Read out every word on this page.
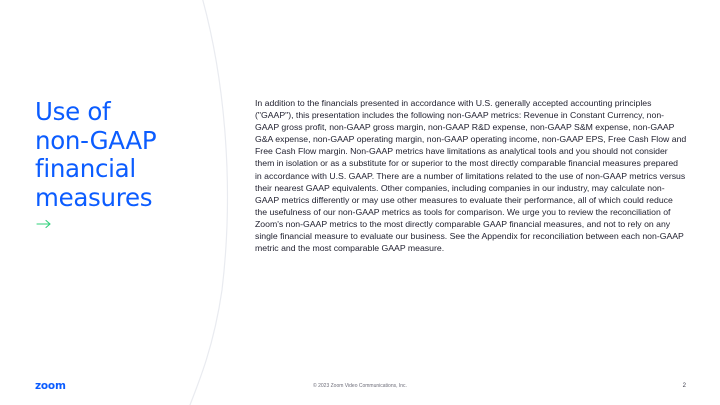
Use of
non-GAAP
financial
measures

In addition to the financials presented in accordance with U.S. generally accepted accounting principles ("GAAP"), this presentation includes the following non-GAAP metrics: Revenue in Constant Currency, non-GAAP gross profit, non-GAAP gross margin, non-GAAP R&D expense, non-GAAP S&M expense, non-GAAP G&A expense, non-GAAP operating margin, non-GAAP operating income, non-GAAP EPS, Free Cash Flow and Free Cash Flow margin. Non-GAAP metrics have limitations as analytical tools and you should not consider them in isolation or as a substitute for or superior to the most directly comparable financial measures prepared in accordance with U.S. GAAP. There are a number of limitations related to the use of non-GAAP metrics versus their nearest GAAP equivalents. Other companies, including companies in our industry, may calculate non-GAAP metrics differently or may use other measures to evaluate their performance, all of which could reduce the usefulness of our non-GAAP metrics as tools for comparison. We urge you to review the reconciliation of Zoom's non-GAAP metrics to the most directly comparable GAAP financial measures, and not to rely on any single financial measure to evaluate our business. See the Appendix for reconciliation between each non-GAAP metric and the most comparable GAAP measure.

zoom	© 2023 Zoom Video Communications, Inc.	2
